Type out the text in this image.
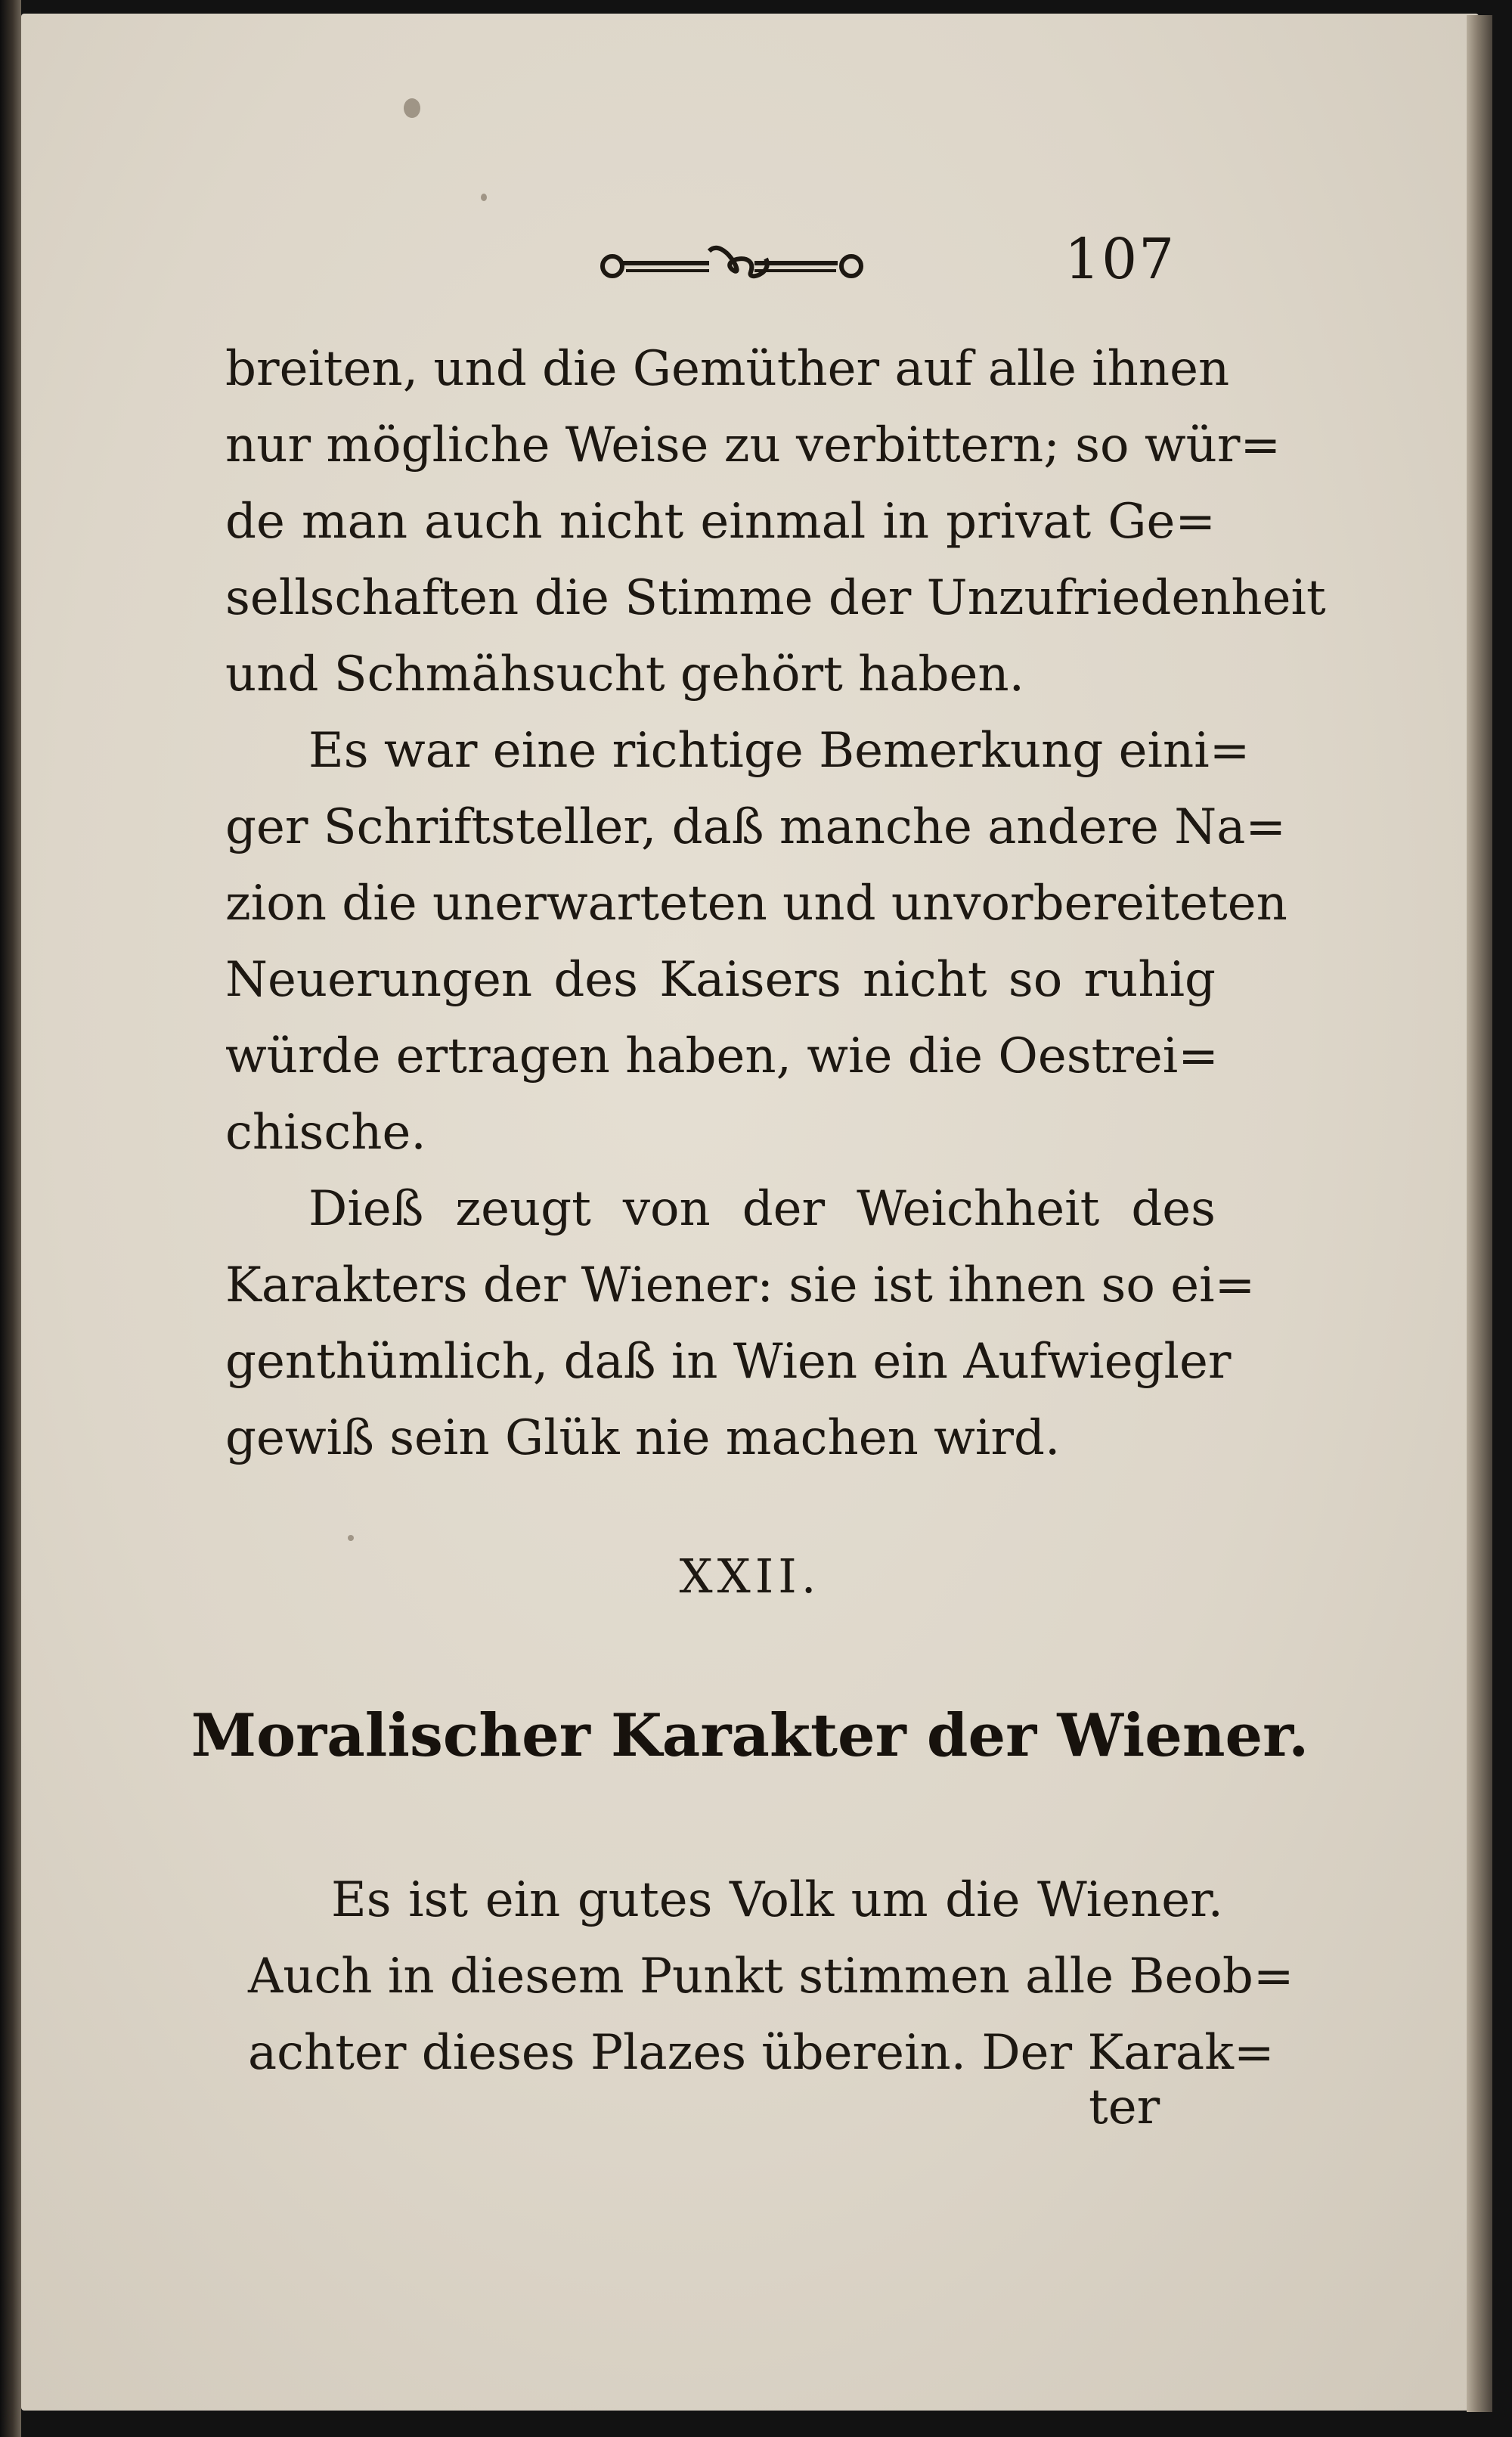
107
breiten, und die Gemüther auf alle ihnen
nur mögliche Weise zu verbittern; so wür=
de man auch nicht einmal in privat Ge=
sellschaften die Stimme der Unzufriedenheit
und Schmähsucht gehört haben.
Es war eine richtige Bemerkung eini=
ger Schriftsteller, daß manche andere Na=
zion die unerwarteten und unvorbereiteten
Neuerungen des Kaisers nicht so ruhig
würde ertragen haben, wie die Oestrei=
chische.
Dieß zeugt von der Weichheit des
Karakters der Wiener: sie ist ihnen so ei=
genthümlich, daß in Wien ein Aufwiegler
gewiß sein Glük nie machen wird.
XXII.
Moralischer Karakter der Wiener.
Es ist ein gutes Volk um die Wiener.
Auch in diesem Punkt stimmen alle Beob=
achter dieses Plazes überein. Der Karak=
ter
